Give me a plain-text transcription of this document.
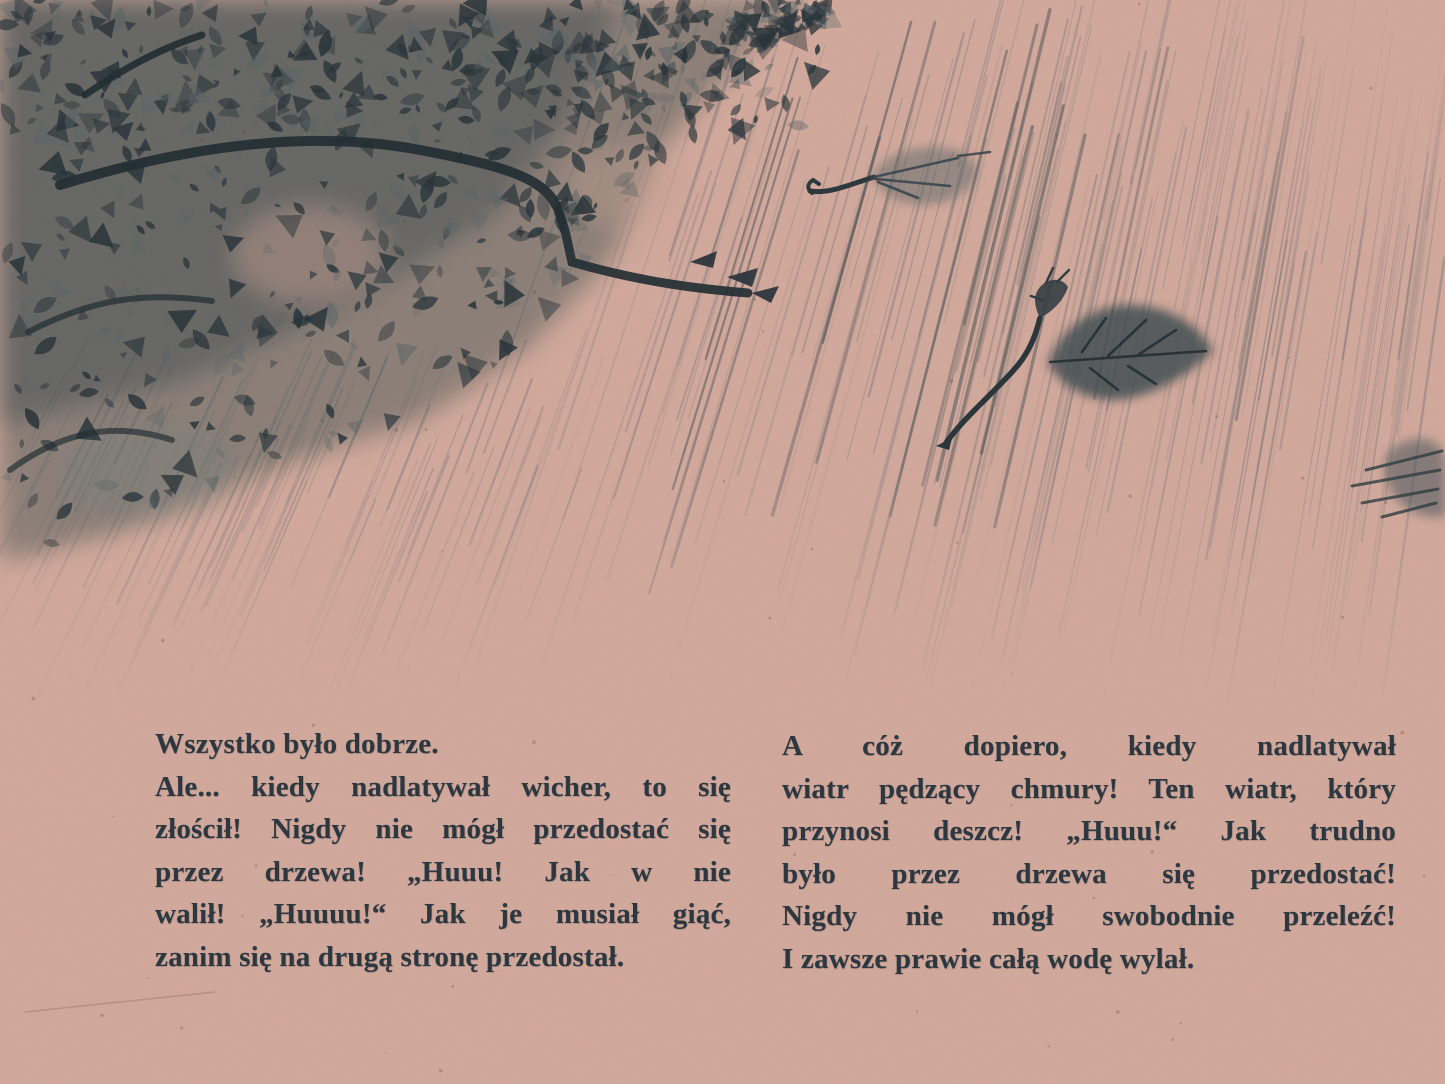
Wszystko było dobrze.
Ale... kiedy nadlatywał wicher, to się
złościł! Nigdy nie mógł przedostać się
przez drzewa! „Huuu! Jak w nie
walił! „Huuuu!“ Jak je musiał giąć,
zanim się na drugą stronę przedostał.
A cóż dopiero, kiedy nadlatywał
wiatr pędzący chmury! Ten wiatr, który
przynosi deszcz! „Huuu!“ Jak trudno
było przez drzewa się przedostać!
Nigdy nie mógł swobodnie przeleźć!
I zawsze prawie całą wodę wylał.
